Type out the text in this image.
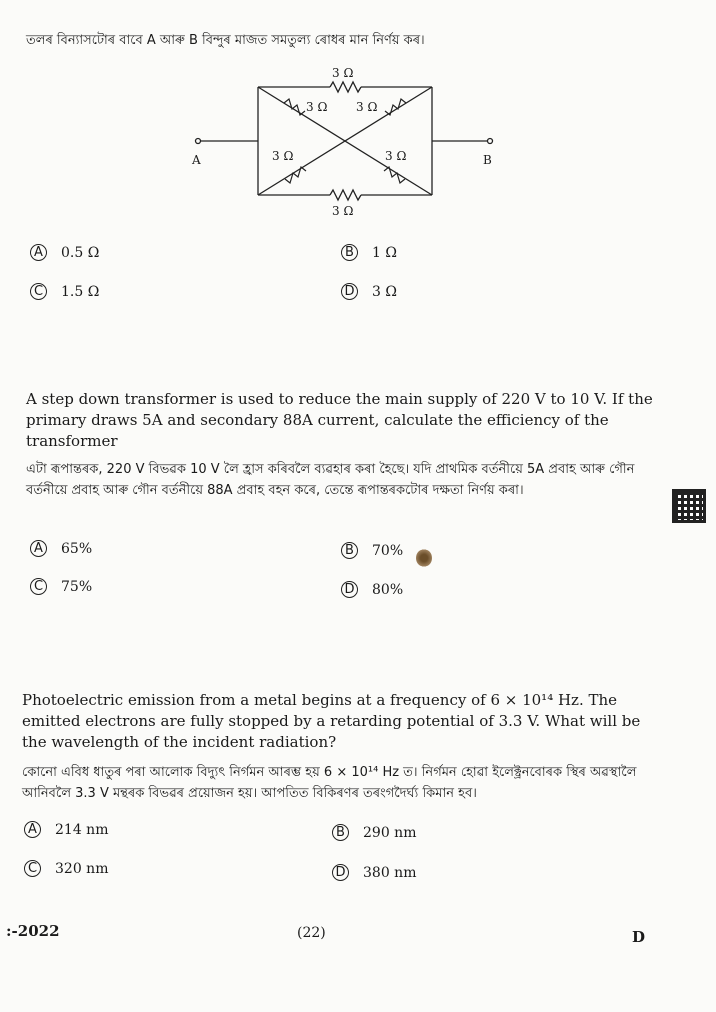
তলৰ বিন্যাসটোৰ বাবে A আৰু B বিন্দুৰ মাজত সমতুল্য ৰোধৰ মান নিৰ্ণয় কৰ।
3 Ω
3 Ω
3 Ω 3 Ω
3 Ω	3 Ω
A	B
A 0.5 Ω	B 1 Ω
C 1.5 Ω	D 3 Ω
A step down transformer is used to reduce the main supply of 220 V to 10 V. If the primary draws 5A and secondary 88A current, calculate the efficiency of the transformer
এটা ৰূপান্তৰক, 220 V বিভৱক 10 V লৈ হ্ৰাস কৰিবলৈ ব্যৱহাৰ কৰা হৈছে। যদি প্ৰাথমিক বৰ্তনীয়ে 5A প্ৰবাহ আৰু গৌন বৰ্তনীয়ে প্ৰবাহ আৰু গৌন বৰ্তনীয়ে 88A প্ৰবাহ বহন কৰে, তেন্তে ৰূপান্তৰকটোৰ দক্ষতা নিৰ্ণয় কৰা।
A 65%	B 70%
C 75%	D 80%
Photoelectric emission from a metal begins at a frequency of 6 × 10¹⁴ Hz. The emitted electrons are fully stopped by a retarding potential of 3.3 V. What will be the wavelength of the incident radiation?
কোনো এবিধ ধাতুৰ পৰা আলোক বিদ্যুৎ নিৰ্গমন আৰম্ভ হয় 6 × 10¹⁴ Hz ত। নিৰ্গমন হোৱা ইলেক্ট্ৰনবোৰক স্থিৰ অৱস্থালৈ আনিবলৈ 3.3 V মন্থৰক বিভৱৰ প্ৰয়োজন হয়। আপতিত বিকিৰণৰ তৰংগদৈৰ্ঘ্য কিমান হব।
A 214 nm	B 290 nm
C 320 nm	D 380 nm
:-2022	(22)	D
